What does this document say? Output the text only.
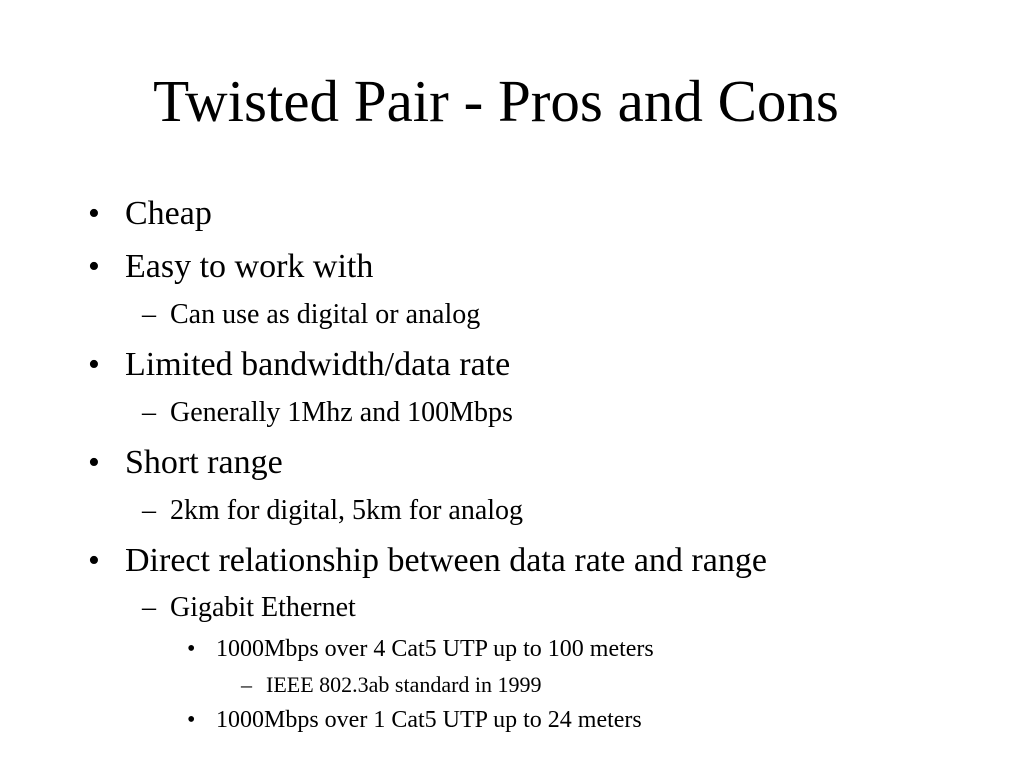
Twisted Pair - Pros and Cons
• Cheap
• Easy to work with
– Can use as digital or analog
• Limited bandwidth/data rate
– Generally 1Mhz and 100Mbps
• Short range
– 2km for digital, 5km for analog
• Direct relationship between data rate and range
– Gigabit Ethernet
• 1000Mbps over 4 Cat5 UTP up to 100 meters
– IEEE 802.3ab standard in 1999
• 1000Mbps over 1 Cat5 UTP up to 24 meters
